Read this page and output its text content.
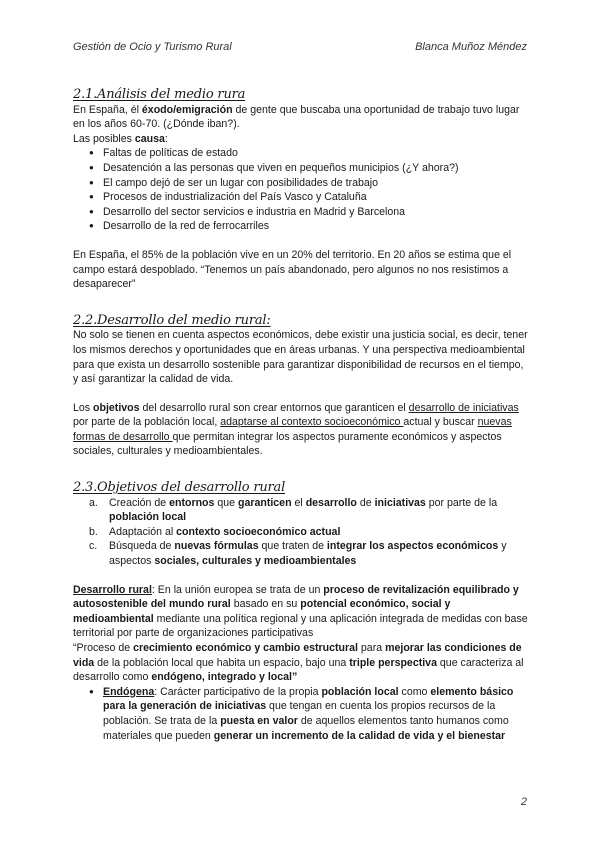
Gestión de Ocio y Turismo Rural	Blanca Muñoz Méndez
2.1.Análisis del medio rura

En España, él éxodo/emigración de gente que buscaba una oportunidad de trabajo tuvo lugar en los años 60-70. (¿Dónde iban?).

Las posibles causa:

● Faltas de políticas de estado
● Desatención a las personas que viven en pequeños municipios (¿Y ahora?)
● El campo dejó de ser un lugar con posibilidades de trabajo
● Procesos de industrialización del País Vasco y Cataluña
● Desarrollo del sector servicios e industria en Madrid y Barcelona
● Desarrollo de la red de ferrocarriles

En España, el 85% de la población vive en un 20% del territorio. En 20 años se estima que el campo estará despoblado. “Tenemos un país abandonado, pero algunos no nos resistimos a desaparecer”

2.2.Desarrollo del medio rural:

No solo se tienen en cuenta aspectos económicos, debe existir una justicia social, es decir, tener los mismos derechos y oportunidades que en áreas urbanas. Y una perspectiva medioambiental para que exista un desarrollo sostenible para garantizar disponibilidad de recursos en el tiempo, y así garantizar la calidad de vida.

Los objetivos del desarrollo rural son crear entornos que garanticen el desarrollo de iniciativas por parte de la población local, adaptarse al contexto socioeconómico actual y buscar nuevas formas de desarrollo que permitan integrar los aspectos puramente económicos y aspectos sociales, culturales y medioambientales.

2.3.Objetivos del desarrollo rural
a. Creación de entornos que garanticen el desarrollo de iniciativas por parte de la población local
b. Adaptación al contexto socioeconómico actual
c. Búsqueda de nuevas fórmulas que traten de integrar los aspectos económicos y aspectos sociales, culturales y medioambientales

Desarrollo rural: En la unión europea se trata de un proceso de revitalización equilibrado y autosostenible del mundo rural basado en su potencial económico, social y medioambiental mediante una política regional y una aplicación integrada de medidas con base territorial por parte de organizaciones participativas

“Proceso de crecimiento económico y cambio estructural para mejorar las condiciones de vida de la población local que habita un espacio, bajo una triple perspectiva que caracteriza al desarrollo como endógeno, integrado y local”

● Endógena: Carácter participativo de la propia población local como elemento básico para la generación de iniciativas que tengan en cuenta los propios recursos de la población. Se trata de la puesta en valor de aquellos elementos tanto humanos como materiales que pueden generar un incremento de la calidad de vida y el bienestar
2
